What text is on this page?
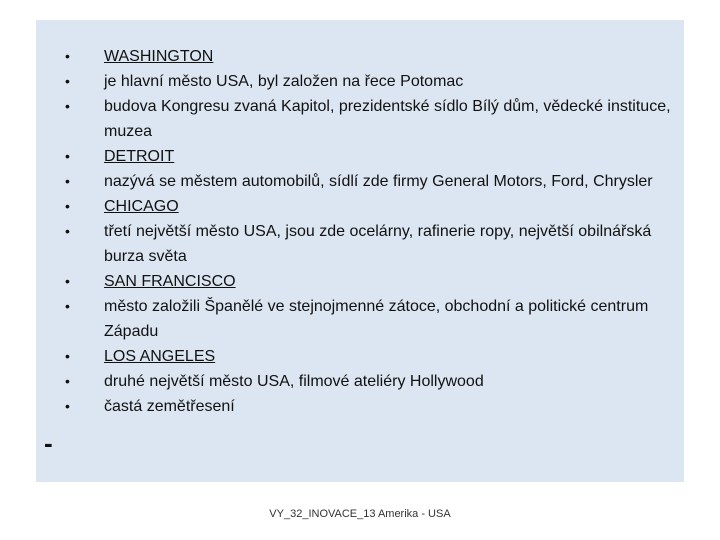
• WASHINGTON
• je hlavní město USA, byl založen na řece Potomac
• budova Kongresu zvaná Kapitol, prezidentské sídlo Bílý dům, vědecké instituce, muzea
• DETROIT
• nazývá se městem automobilů, sídlí zde firmy General Motors, Ford, Chrysler
• CHICAGO
• třetí největší město USA, jsou zde ocelárny, rafinerie ropy, největší obilnářská burza světa
• SAN FRANCISCO
• město založili Španělé ve stejnojmenné zátoce, obchodní a politické centrum Západu
• LOS ANGELES
• druhé největší město USA, filmové ateliéry Hollywood
• častá zemětřesení
-
VY_32_INOVACE_13 Amerika - USA
